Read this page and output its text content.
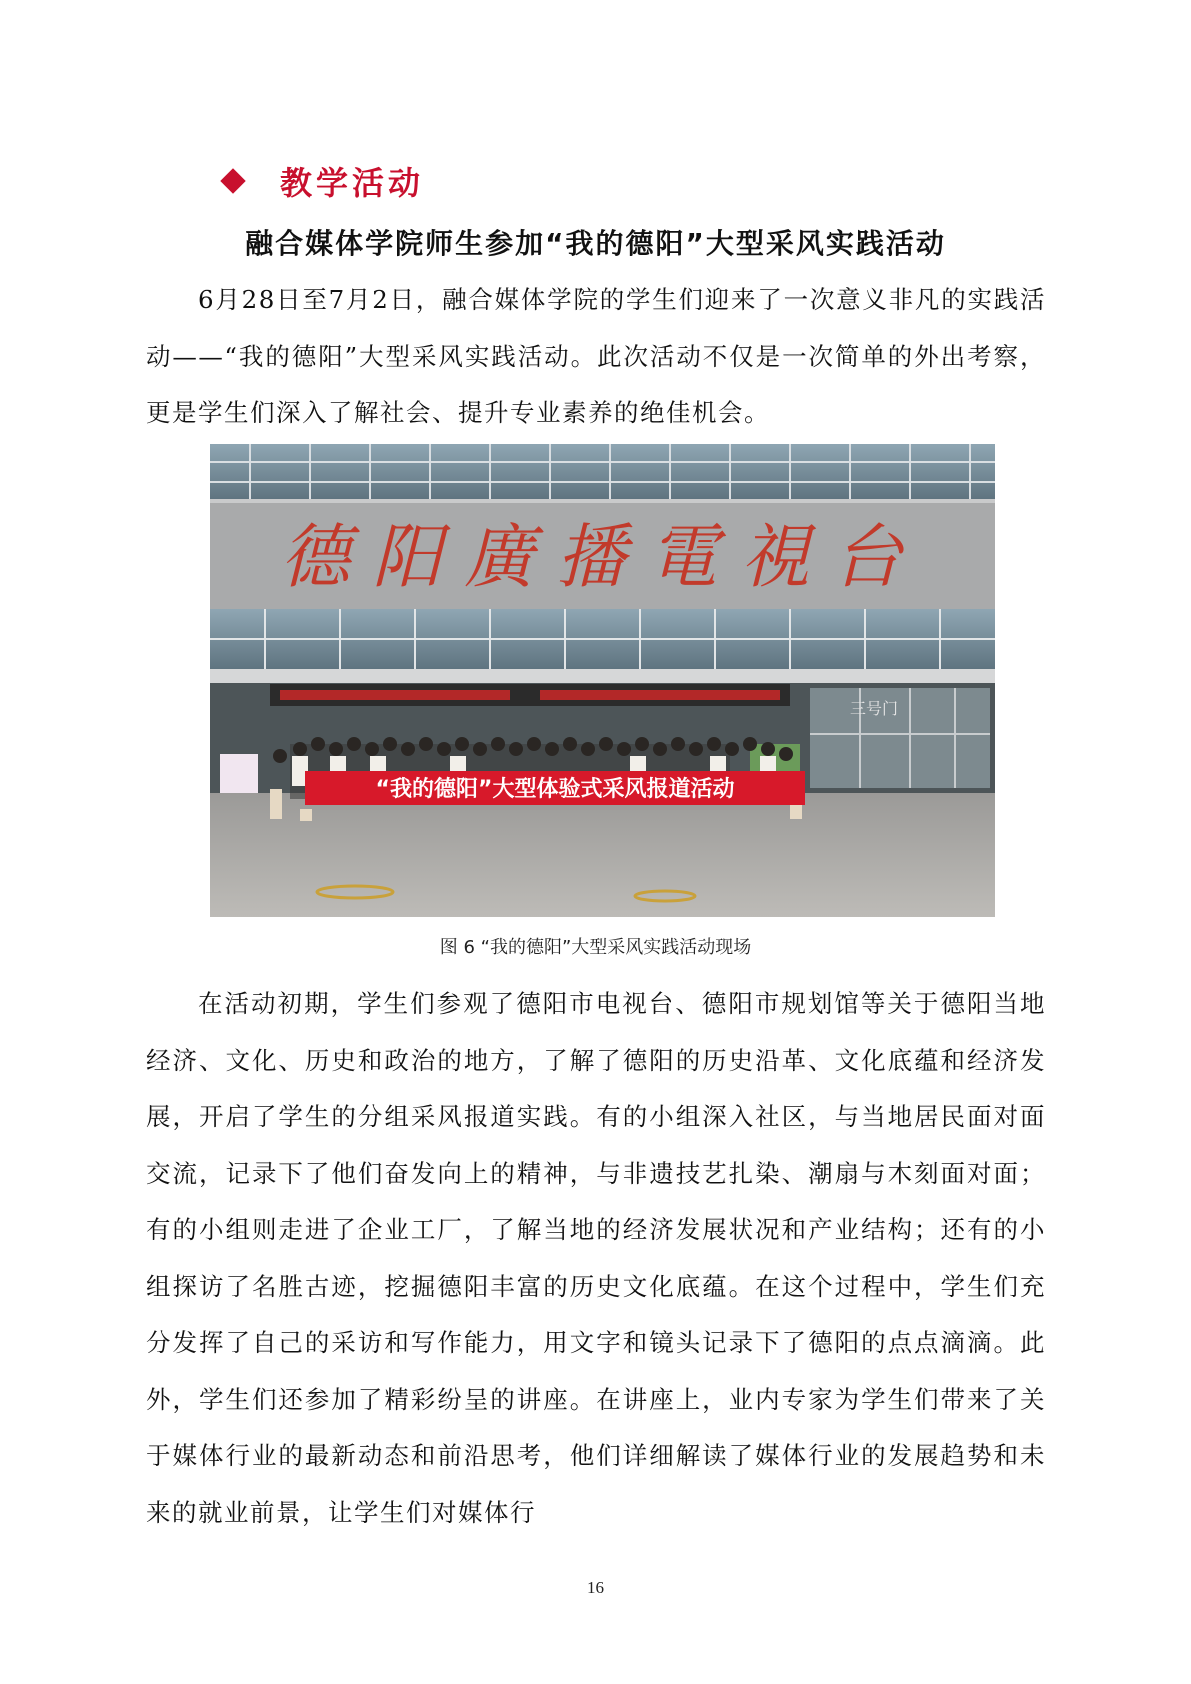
教学活动
融合媒体学院师生参加“我的德阳”大型采风实践活动

6月28日至7月2日，融合媒体学院的学生们迎来了一次意义非凡的实践活动——“我的德阳”大型采风实践活动。此次活动不仅是一次简单的外出考察，更是学生们深入了解社会、提升专业素养的绝佳机会。

德阳廣播電視台
三号门
“我的德阳”大型体验式采风报道活动
图 6 “我的德阳”大型采风实践活动现场

在活动初期，学生们参观了德阳市电视台、德阳市规划馆等关于德阳当地经济、文化、历史和政治的地方，了解了德阳的历史沿革、文化底蕴和经济发展，开启了学生的分组采风报道实践。有的小组深入社区，与当地居民面对面交流，记录下了他们奋发向上的精神，与非遗技艺扎染、潮扇与木刻面对面；有的小组则走进了企业工厂，了解当地的经济发展状况和产业结构；还有的小组探访了名胜古迹，挖掘德阳丰富的历史文化底蕴。在这个过程中，学生们充分发挥了自己的采访和写作能力，用文字和镜头记录下了德阳的点点滴滴。此外，学生们还参加了精彩纷呈的讲座。在讲座上，业内专家为学生们带来了关于媒体行业的最新动态和前沿思考，他们详细解读了媒体行业的发展趋势和未来的就业前景，让学生们对媒体行

16
